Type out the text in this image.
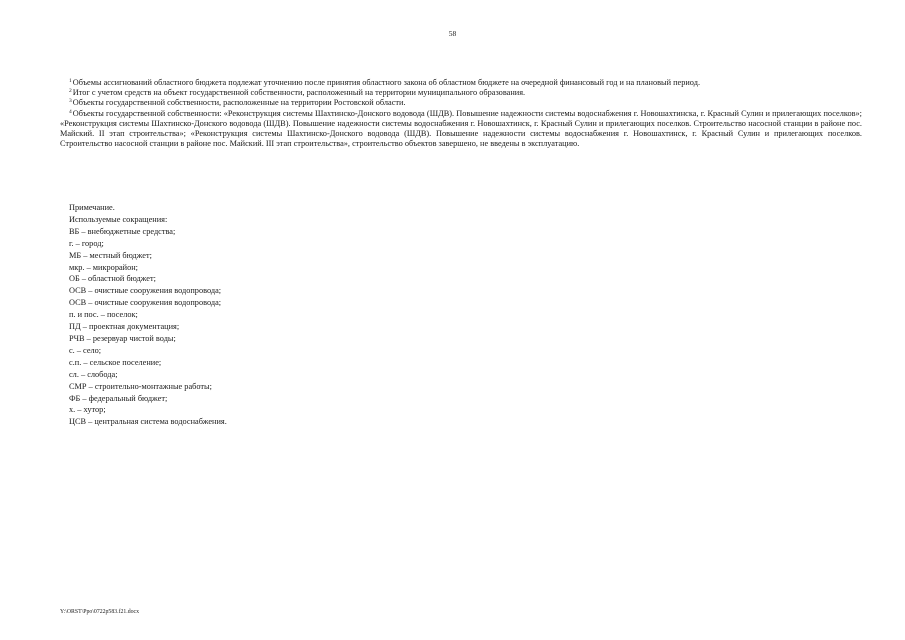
58

$^1$Объемы ассигнований областного бюджета подлежат уточнению после принятия областного закона об областном бюджете на очередной финансовый год и на плановый период.

$^2$Итог с учетом средств на объект государственной собственности, расположенный на территории муниципального образования.

$^3$Объекты государственной собственности, расположенные на территории Ростовской области.

$^4$Объекты государственной собственности: «Реконструкция системы Шахтинско-Донского водовода (ШДВ). Повышение надежности системы водоснабжения г. Новошахтинска, г. Красный Сулин и прилегающих поселков»; «Реконструкция системы Шахтинско-Донского водовода (ШДВ). Повышение надежности системы водоснабжения г. Новошахтинск, г. Красный Сулин и прилегающих поселков. Строительство насосной станции в районе пос. Майский. II этап строительства»; «Реконструкция системы Шахтинско-Донского водовода (ШДВ). Повышение надежности системы водоснабжения г. Новошахтинск, г. Красный Сулин и прилегающих поселков. Строительство насосной станции в районе пос. Майский. III этап строительства», строительство объектов завершено, не введены в эксплуатацию.

Примечание.
Используемые сокращения:
ВБ – внебюджетные средства;
г. – город;
МБ – местный бюджет;
мкр. – микрорайон;
ОБ – областной бюджет;
ОСВ – очистные сооружения водопровода;
ОСВ – очистные сооружения водопровода;
п. и пос. – поселок;
ПД – проектная документация;
РЧВ – резервуар чистой воды;
с. – село;
с.п. – сельское поселение;
сл. – слобода;
СМР – строительно-монтажные работы;
ФБ – федеральный бюджет;
х. – хутор;
ЦСВ – центральная система водоснабжения.
Y:\ORST\Ppo\0722p583.f21.docx
